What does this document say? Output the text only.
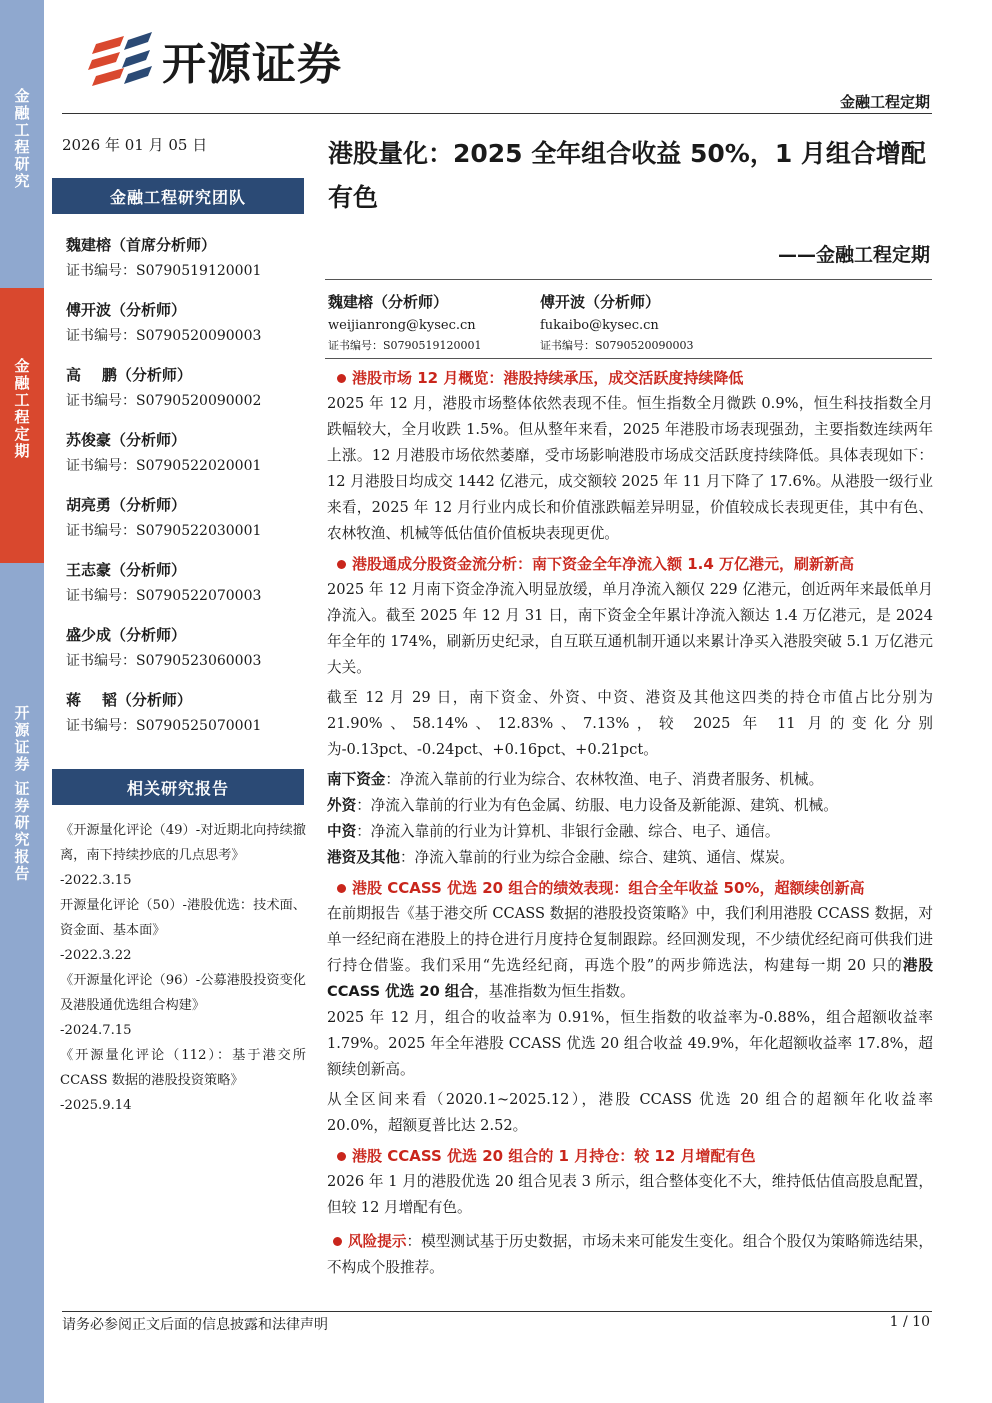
金融工程研究
金融工程定期
开源证券 证券研究报告
开源证券
金融工程定期
2026 年 01 月 05 日
金融工程研究团队
魏建榕（首席分析师）
证书编号：S0790519120001
傅开波（分析师）
证书编号：S0790520090003
高    鹏（分析师）
证书编号：S0790520090002
苏俊豪（分析师）
证书编号：S0790522020001
胡亮勇（分析师）
证书编号：S0790522030001
王志豪（分析师）
证书编号：S0790522070003
盛少成（分析师）
证书编号：S0790523060003
蒋    韬（分析师）
证书编号：S0790525070001
相关研究报告
《开源量化评论（49）-对近期北向持续撤离，南下持续抄底的几点思考》
-2022.3.15
开源量化评论（50）-港股优选：技术面、资金面、基本面》
-2022.3.22
《开源量化评论（96）-公募港股投资变化及港股通优选组合构建》
-2024.7.15
《开源量化评论（112）：基于港交所 CCASS 数据的港股投资策略》
-2025.9.14
港股量化：2025 全年组合收益 50%，1 月组合增配有色
——金融工程定期
魏建榕（分析师）
weijianrong@kysec.cn
证书编号：S0790519120001
傅开波（分析师）
fukaibo@kysec.cn
证书编号：S0790520090003
港股市场 12 月概览：港股持续承压，成交活跃度持续降低
2025 年 12 月，港股市场整体依然表现不佳。恒生指数全月微跌 0.9%，恒生科技指数全月跌幅较大，全月收跌 1.5%。但从整年来看，2025 年港股市场表现强劲，主要指数连续两年上涨。12 月港股市场依然萎靡，受市场影响港股市场成交活跃度持续降低。具体表现如下：12 月港股日均成交 1442 亿港元，成交额较 2025 年 11 月下降了 17.6%。从港股一级行业来看，2025 年 12 月行业内成长和价值涨跌幅差异明显，价值较成长表现更佳，其中有色、农林牧渔、机械等低估值价值板块表现更优。
港股通成分股资金流分析：南下资金全年净流入额 1.4 万亿港元，刷新新高
2025 年 12 月南下资金净流入明显放缓，单月净流入额仅 229 亿港元，创近两年来最低单月净流入。截至 2025 年 12 月 31 日，南下资金全年累计净流入额达 1.4 万亿港元，是 2024 年全年的 174%，刷新历史纪录，自互联互通机制开通以来累计净买入港股突破 5.1 万亿港元大关。
截至 12 月 29 日，南下资金、外资、中资、港资及其他这四类的持仓市值占比分别为 21.90%、58.14%、12.83%、7.13%，较 2025 年 11 月的变化分别为-0.13pct、-0.24pct、+0.16pct、+0.21pct。
南下资金：净流入靠前的行业为综合、农林牧渔、电子、消费者服务、机械。
外资：净流入靠前的行业为有色金属、纺服、电力设备及新能源、建筑、机械。
中资：净流入靠前的行业为计算机、非银行金融、综合、电子、通信。
港资及其他：净流入靠前的行业为综合金融、综合、建筑、通信、煤炭。
港股 CCASS 优选 20 组合的绩效表现：组合全年收益 50%，超额续创新高
在前期报告《基于港交所 CCASS 数据的港股投资策略》中，我们利用港股 CCASS 数据，对单一经纪商在港股上的持仓进行月度持仓复制跟踪。经回测发现，不少绩优经纪商可供我们进行持仓借鉴。我们采用“先选经纪商，再选个股”的两步筛选法，构建每一期 20 只的港股 CCASS 优选 20 组合，基准指数为恒生指数。
2025 年 12 月，组合的收益率为 0.91%，恒生指数的收益率为-0.88%，组合超额收益率 1.79%。2025 年全年港股 CCASS 优选 20 组合收益 49.9%，年化超额收益率 17.8%，超额续创新高。
从全区间来看（2020.1~2025.12），港股 CCASS 优选 20 组合的超额年化收益率 20.0%，超额夏普比达 2.52。
港股 CCASS 优选 20 组合的 1 月持仓：较 12 月增配有色
2026 年 1 月的港股优选 20 组合见表 3 所示，组合整体变化不大，维持低估值高股息配置，但较 12 月增配有色。
风险提示：模型测试基于历史数据，市场未来可能发生变化。组合个股仅为策略筛选结果，不构成个股推荐。
请务必参阅正文后面的信息披露和法律声明	1 / 10
